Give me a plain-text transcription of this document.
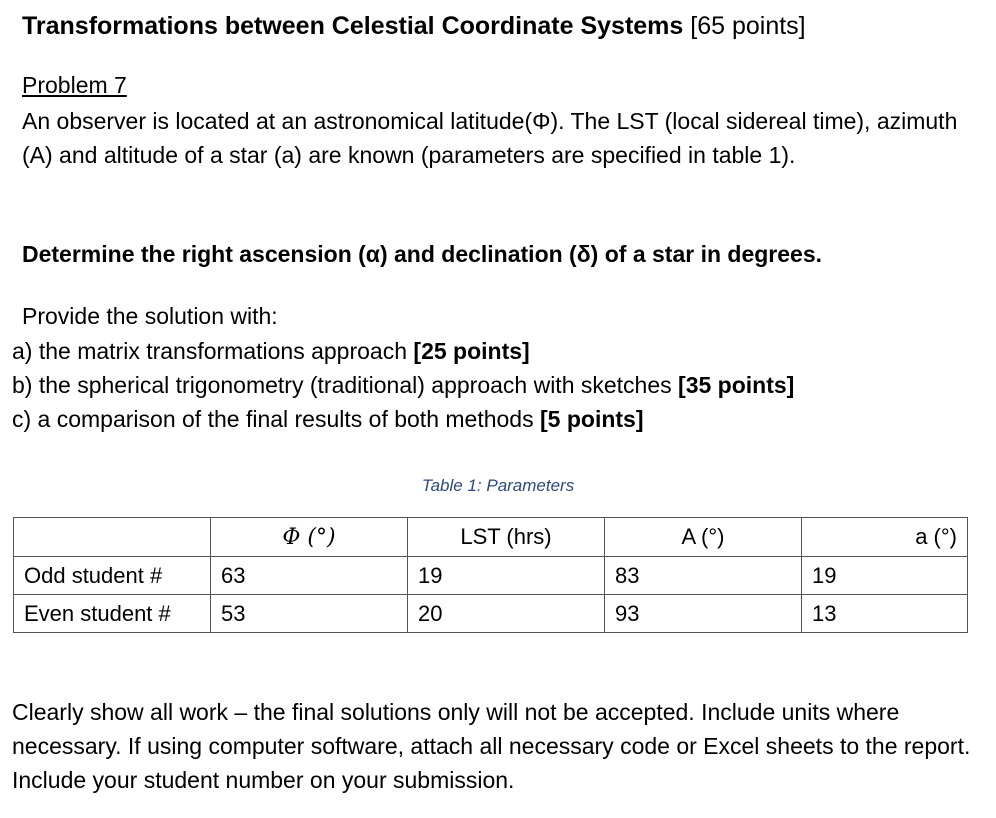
Transformations between Celestial Coordinate Systems [65 points]
Problem 7
An observer is located at an astronomical latitude(Φ). The LST (local sidereal time), azimuth (A) and altitude of a star (a) are known (parameters are specified in table 1).
Determine the right ascension (α) and declination (δ) of a star in degrees.
Provide the solution with:
a) the matrix transformations approach [25 points]
b) the spherical trigonometry (traditional) approach with sketches [35 points]
c) a comparison of the final results of both methods [5 points]
Table 1: Parameters
	Φ (°)	LST (hrs)	A (°)	a (°)
Odd student #	63	19	83	19
Even student #	53	20	93	13
Clearly show all work – the final solutions only will not be accepted. Include units where necessary. If using computer software, attach all necessary code or Excel sheets to the report. Include your student number on your submission.
